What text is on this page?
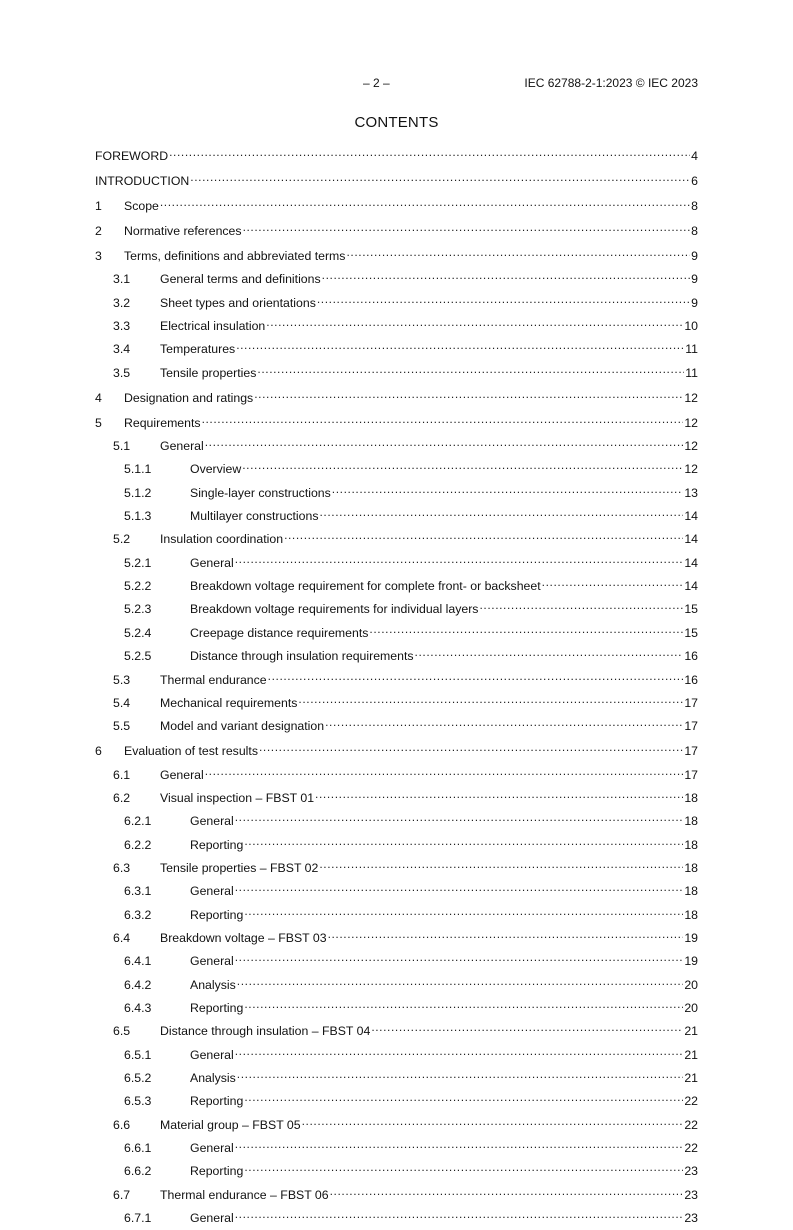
– 2 –	IEC 62788-2-1:2023 © IEC 2023
CONTENTS
FOREWORD .....	4
INTRODUCTION .....	6
1	Scope .....	8
2	Normative references .....	8
3	Terms, definitions and abbreviated terms .....	9
3.1	General terms and definitions .....	9
3.2	Sheet types and orientations .....	9
3.3	Electrical insulation .....	10
3.4	Temperatures .....	11
3.5	Tensile properties .....	11
4	Designation and ratings .....	12
5	Requirements .....	12
5.1	General .....	12
5.1.1	Overview .....	12
5.1.2	Single-layer constructions .....	13
5.1.3	Multilayer constructions .....	14
5.2	Insulation coordination .....	14
5.2.1	General .....	14
5.2.2	Breakdown voltage requirement for complete front- or backsheet .....	14
5.2.3	Breakdown voltage requirements for individual layers .....	15
5.2.4	Creepage distance requirements .....	15
5.2.5	Distance through insulation requirements .....	16
5.3	Thermal endurance .....	16
5.4	Mechanical requirements .....	17
5.5	Model and variant designation .....	17
6	Evaluation of test results .....	17
6.1	General .....	17
6.2	Visual inspection – FBST 01 .....	18
6.2.1	General .....	18
6.2.2	Reporting .....	18
6.3	Tensile properties – FBST 02 .....	18
6.3.1	General .....	18
6.3.2	Reporting .....	18
6.4	Breakdown voltage – FBST 03 .....	19
6.4.1	General .....	19
6.4.2	Analysis .....	20
6.4.3	Reporting .....	20
6.5	Distance through insulation – FBST 04 .....	21
6.5.1	General .....	21
6.5.2	Analysis .....	21
6.5.3	Reporting .....	22
6.6	Material group – FBST 05 .....	22
6.6.1	General .....	22
6.6.2	Reporting .....	23
6.7	Thermal endurance – FBST 06 .....	23
6.7.1	General .....	23
